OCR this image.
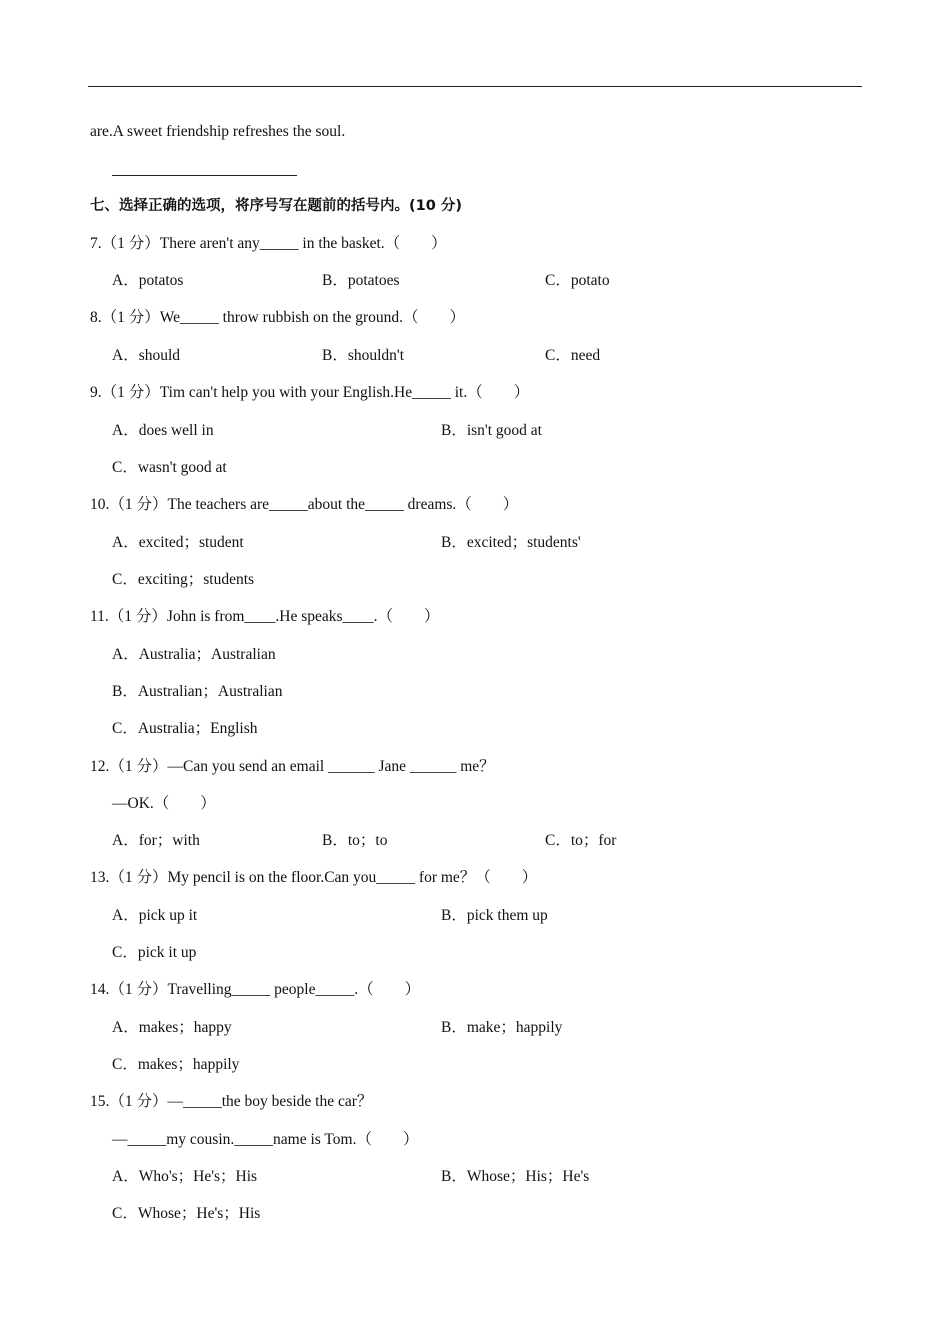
are.A sweet friendship refreshes the soul.
七、选择正确的选项，将序号写在题前的括号内。(10 分)
7.（1 分）There aren't any_____ in the basket.（　　）
A．potatos	B．potatoes	C．potato
8.（1 分）We_____ throw rubbish on the ground.（　　）
A．should	B．shouldn't	C．need
9.（1 分）Tim can't help you with your English.He_____ it.（　　）
A．does well in	B．isn't good at
C．wasn't good at
10.（1 分）The teachers are_____about the_____ dreams.（　　）
A．excited；student	B．excited；students'
C．exciting；students
11.（1 分）John is from____.He speaks____.（　　）
A．Australia；Australian
B．Australian；Australian
C．Australia；English
12.（1 分）—Can you send an email ______ Jane ______ me？
—OK.（　　）
A．for；with	B．to；to	C．to；for
13.（1 分）My pencil is on the floor.Can you_____ for me？（　　）
A．pick up it	B．pick them up
C．pick it up
14.（1 分）Travelling_____ people_____.（　　）
A．makes；happy	B．make；happily
C．makes；happily
15.（1 分）—_____the boy beside the car？
—_____my cousin._____name is Tom.（　　）
A．Who's；He's；His	B．Whose；His；He's
C．Whose；He's；His
